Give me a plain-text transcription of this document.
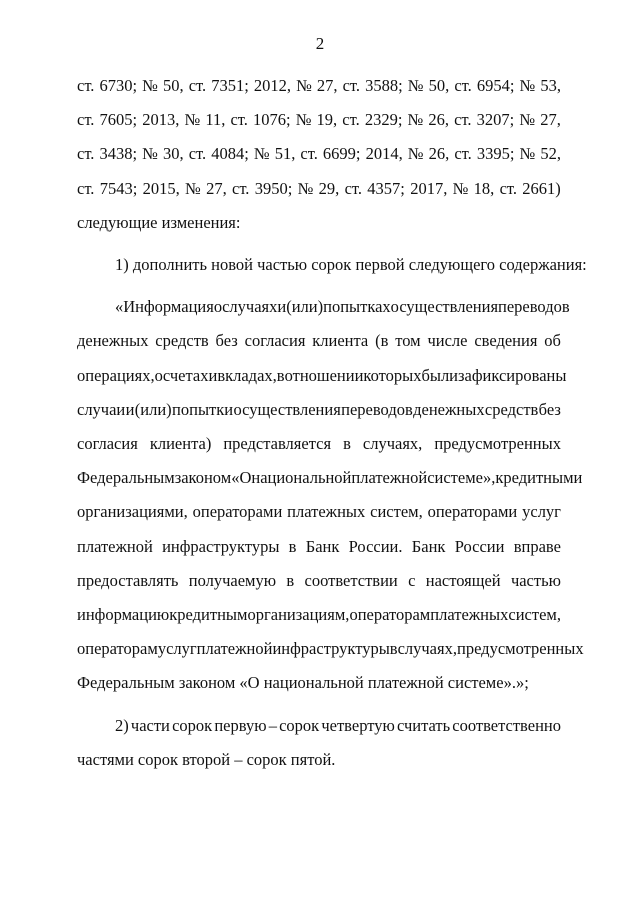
2
ст. 6730; № 50, ст. 7351; 2012, № 27, ст. 3588; № 50, ст. 6954; № 53,
ст. 7605; 2013, № 11, ст. 1076; № 19, ст. 2329; № 26, ст. 3207; № 27,
ст. 3438; № 30, ст. 4084; № 51, ст. 6699; 2014, № 26, ст. 3395; № 52,
ст. 7543; 2015, № 27, ст. 3950; № 29, ст. 4357; 2017, № 18, ст. 2661)
следующие изменения:
1) дополнить новой частью сорок первой следующего содержания:
«Информация о случаях и (или) попытках осуществления переводов
денежных средств без согласия клиента (в том числе сведения об
операциях, о счетах и вкладах, в отношении которых были зафиксированы
случаи и (или) попытки осуществления переводов денежных средств без
согласия клиента) представляется в случаях, предусмотренных
Федеральным законом «О национальной платежной системе», кредитными
организациями, операторами платежных систем, операторами услуг
платежной инфраструктуры в Банк России. Банк России вправе
предоставлять получаемую в соответствии с настоящей частью
информацию кредитным организациям, операторам платежных систем,
операторам услуг платежной инфраструктуры в случаях, предусмотренных
Федеральным законом «О национальной платежной системе».»;
2) части сорок первую – сорок четвертую считать соответственно
частями сорок второй – сорок пятой.
